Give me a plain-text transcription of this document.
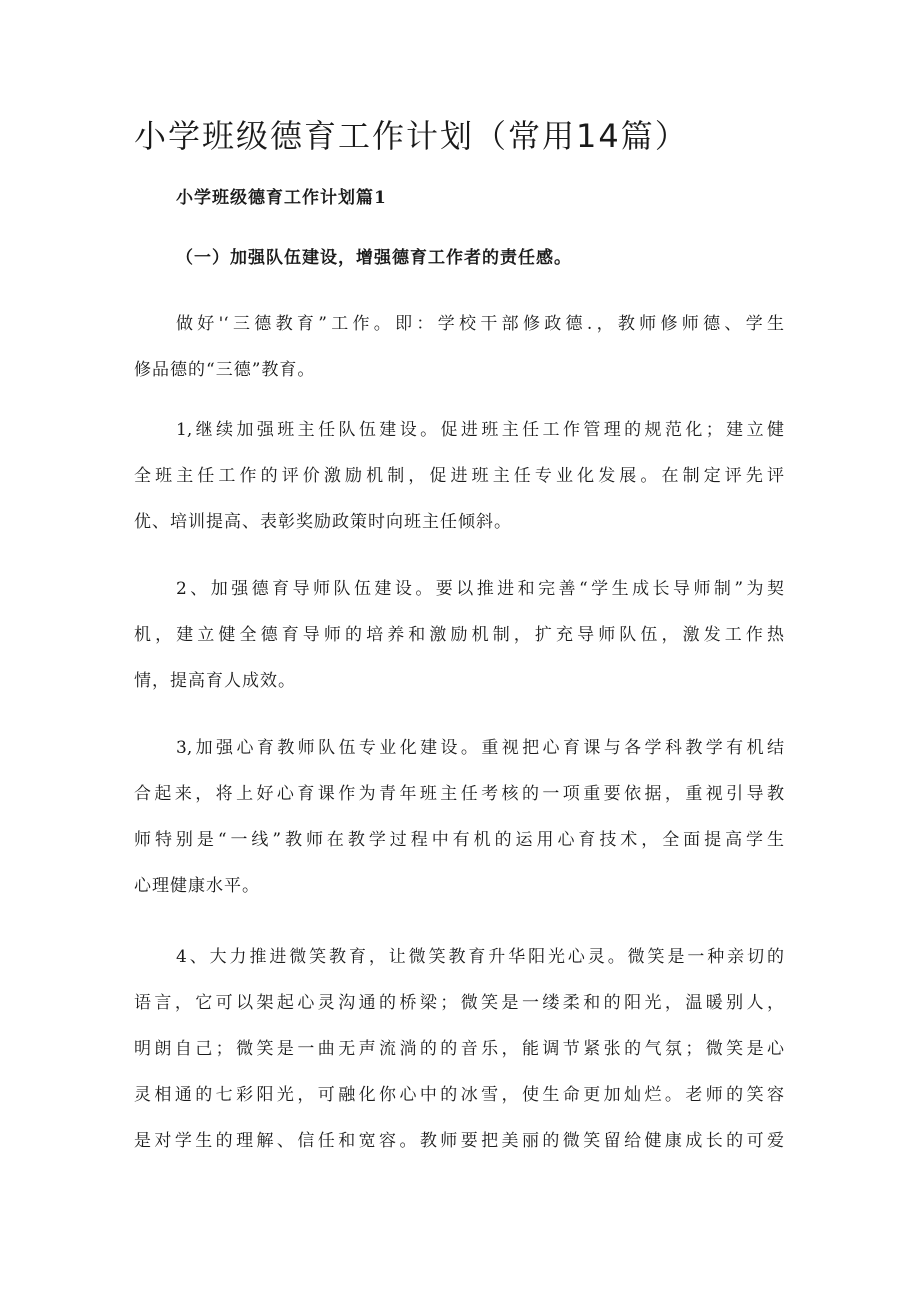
小学班级德育工作计划（常用14篇）
小学班级德育工作计划篇1
（一）加强队伍建设，增强德育工作者的责任感。

做好'‘三德教育”工作。即：学校干部修政德.，教师修师德、学生
修品德的“三德”教育。

1,继续加强班主任队伍建设。促进班主任工作管理的规范化；建立健
全班主任工作的评价激励机制，促进班主任专业化发展。在制定评先评
优、培训提高、表彰奖励政策时向班主任倾斜。

2、加强德育导师队伍建设。要以推进和完善“学生成长导师制”为契
机，建立健全德育导师的培养和激励机制，扩充导师队伍，激发工作热
情，提高育人成效。

3,加强心育教师队伍专业化建设。重视把心育课与各学科教学有机结
合起来，将上好心育课作为青年班主任考核的一项重要依据，重视引导教
师特别是“一线”教师在教学过程中有机的运用心育技术，全面提高学生
心理健康水平。

4、大力推进微笑教育，让微笑教育升华阳光心灵。微笑是一种亲切的
语言，它可以架起心灵沟通的桥梁；微笑是一缕柔和的阳光，温暖别人，
明朗自己；微笑是一曲无声流淌的的音乐，能调节紧张的气氛；微笑是心
灵相通的七彩阳光，可融化你心中的冰雪，使生命更加灿烂。老师的笑容
是对学生的理解、信任和宽容。教师要把美丽的微笑留给健康成长的可爱
